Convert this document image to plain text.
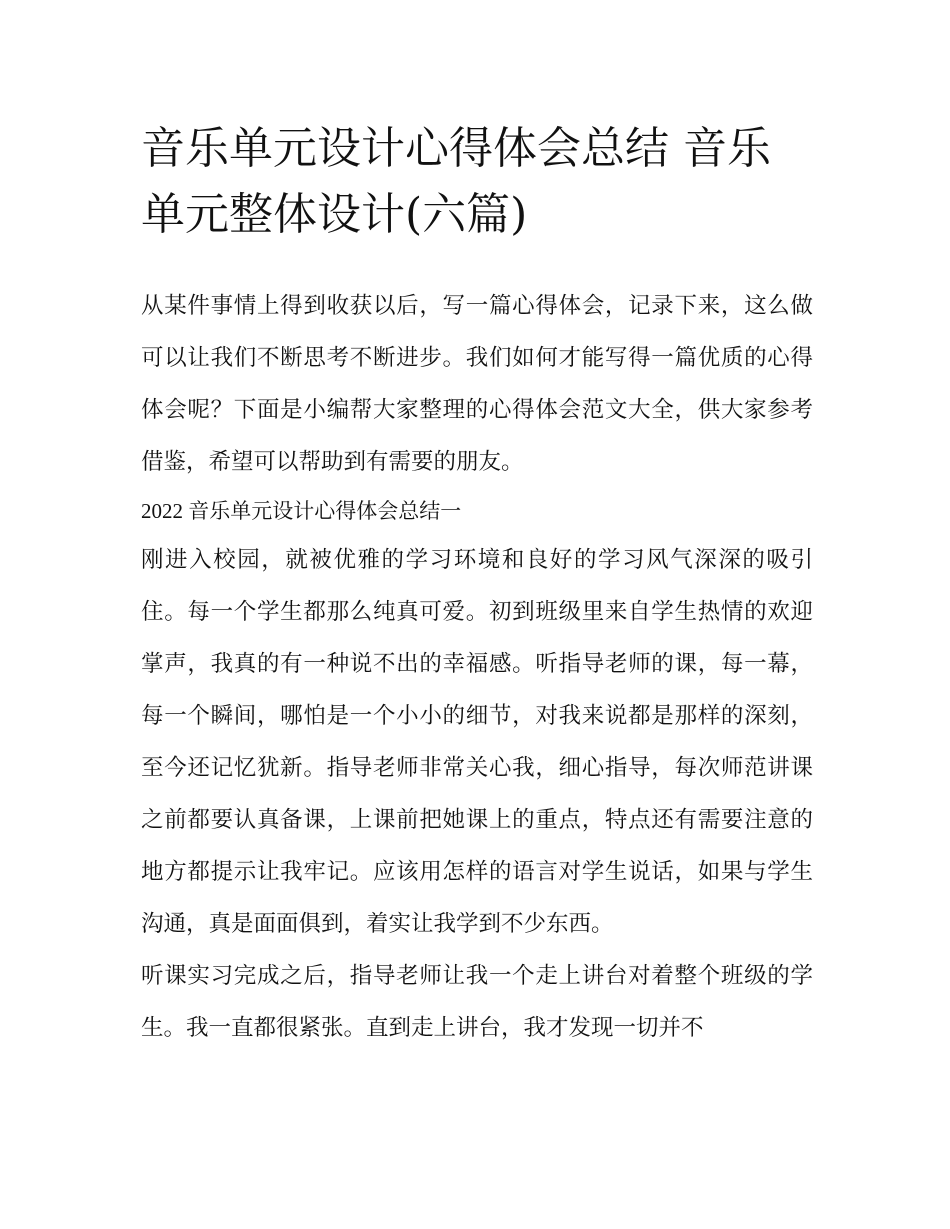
音乐单元设计心得体会总结 音乐单元整体设计(六篇)

从某件事情上得到收获以后，写一篇心得体会，记录下来，这么做可以让我们不断思考不断进步。我们如何才能写得一篇优质的心得体会呢？下面是小编帮大家整理的心得体会范文大全，供大家参考借鉴，希望可以帮助到有需要的朋友。

2022 音乐单元设计心得体会总结一

刚进入校园，就被优雅的学习环境和良好的学习风气深深的吸引住。每一个学生都那么纯真可爱。初到班级里来自学生热情的欢迎掌声，我真的有一种说不出的幸福感。听指导老师的课，每一幕，每一个瞬间，哪怕是一个小小的细节，对我来说都是那样的深刻，至今还记忆犹新。指导老师非常关心我，细心指导，每次师范讲课之前都要认真备课，上课前把她课上的重点，特点还有需要注意的地方都提示让我牢记。应该用怎样的语言对学生说话，如果与学生沟通，真是面面俱到，着实让我学到不少东西。

听课实习完成之后，指导老师让我一个走上讲台对着整个班级的学生。我一直都很紧张。直到走上讲台，我才发现一切并不
